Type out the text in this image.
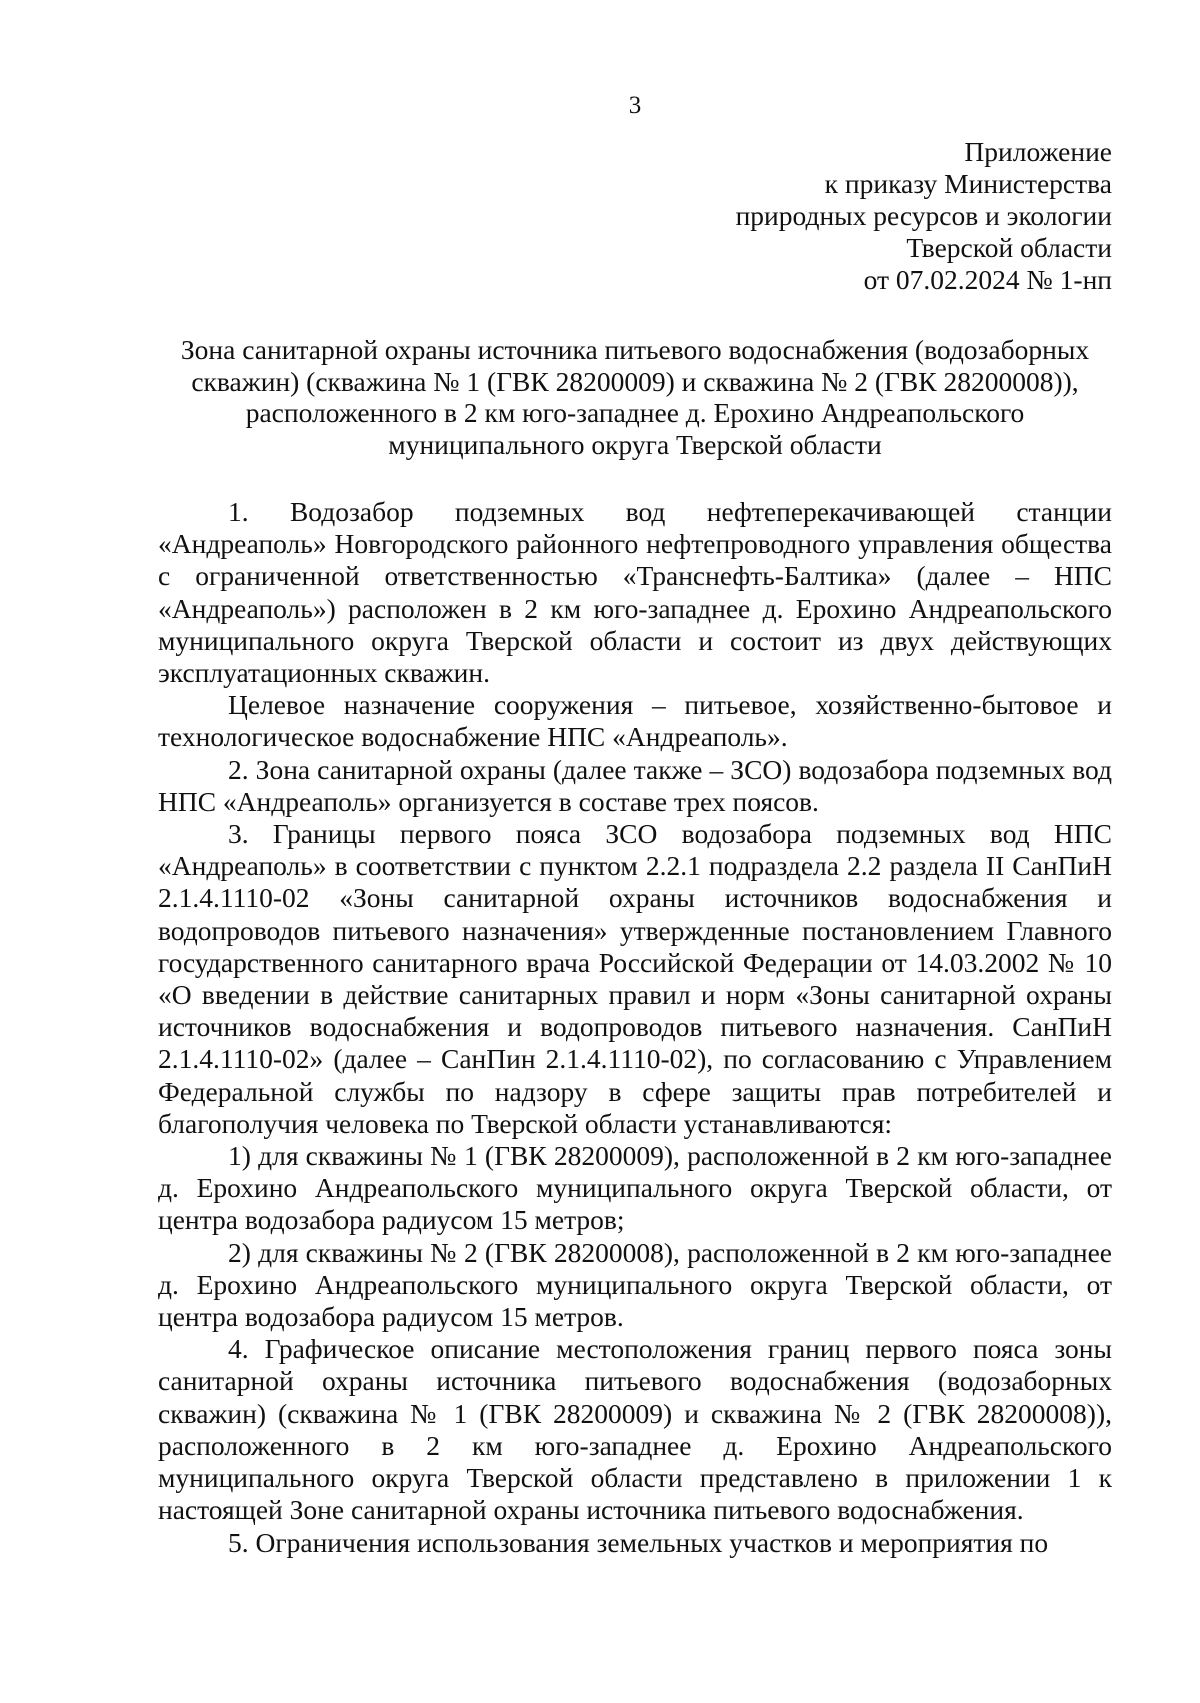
3
Приложение
к приказу Министерства
природных ресурсов и экологии
Тверской области
от 07.02.2024 № 1-нп
Зона санитарной охраны источника питьевого водоснабжения (водозаборных скважин) (скважина № 1 (ГВК 28200009) и скважина № 2 (ГВК 28200008)), расположенного в 2 км юго-западнее д. Ерохино Андреапольского муниципального округа Тверской области

1. Водозабор подземных вод нефтеперекачивающей станции «Андреаполь» Новгородского районного нефтепроводного управления общества с ограниченной ответственностью «Транснефть-Балтика» (далее – НПС «Андреаполь») расположен в 2 км юго-западнее д. Ерохино Андреапольского муниципального округа Тверской области и состоит из двух действующих эксплуатационных скважин.

Целевое назначение сооружения – питьевое, хозяйственно-бытовое и технологическое водоснабжение НПС «Андреаполь».

2. Зона санитарной охраны (далее также – ЗСО) водозабора подземных вод НПС «Андреаполь» организуется в составе трех поясов.

3. Границы первого пояса ЗСО водозабора подземных вод НПС «Андреаполь» в соответствии с пунктом 2.2.1 подраздела 2.2 раздела II СанПиН 2.1.4.1110-02 «Зоны санитарной охраны источников водоснабжения и водопроводов питьевого назначения» утвержденные постановлением Главного государственного санитарного врача Российской Федерации от 14.03.2002 № 10 «О введении в действие санитарных правил и норм «Зоны санитарной охраны источников водоснабжения и водопроводов питьевого назначения. СанПиН 2.1.4.1110-02» (далее – СанПин 2.1.4.1110-02), по согласованию с Управлением Федеральной службы по надзору в сфере защиты прав потребителей и благополучия человека по Тверской области устанавливаются:

1) для скважины № 1 (ГВК 28200009), расположенной в 2 км юго-западнее д. Ерохино Андреапольского муниципального округа Тверской области, от центра водозабора радиусом 15 метров;

2) для скважины № 2 (ГВК 28200008), расположенной в 2 км юго-западнее д. Ерохино Андреапольского муниципального округа Тверской области, от центра водозабора радиусом 15 метров.

4. Графическое описание местоположения границ первого пояса зоны санитарной охраны источника питьевого водоснабжения (водозаборных скважин) (скважина № 1 (ГВК 28200009) и скважина № 2 (ГВК 28200008)), расположенного в 2 км юго-западнее д. Ерохино Андреапольского муниципального округа Тверской области представлено в приложении 1 к настоящей Зоне санитарной охраны источника питьевого водоснабжения.

5. Ограничения использования земельных участков и мероприятия по
